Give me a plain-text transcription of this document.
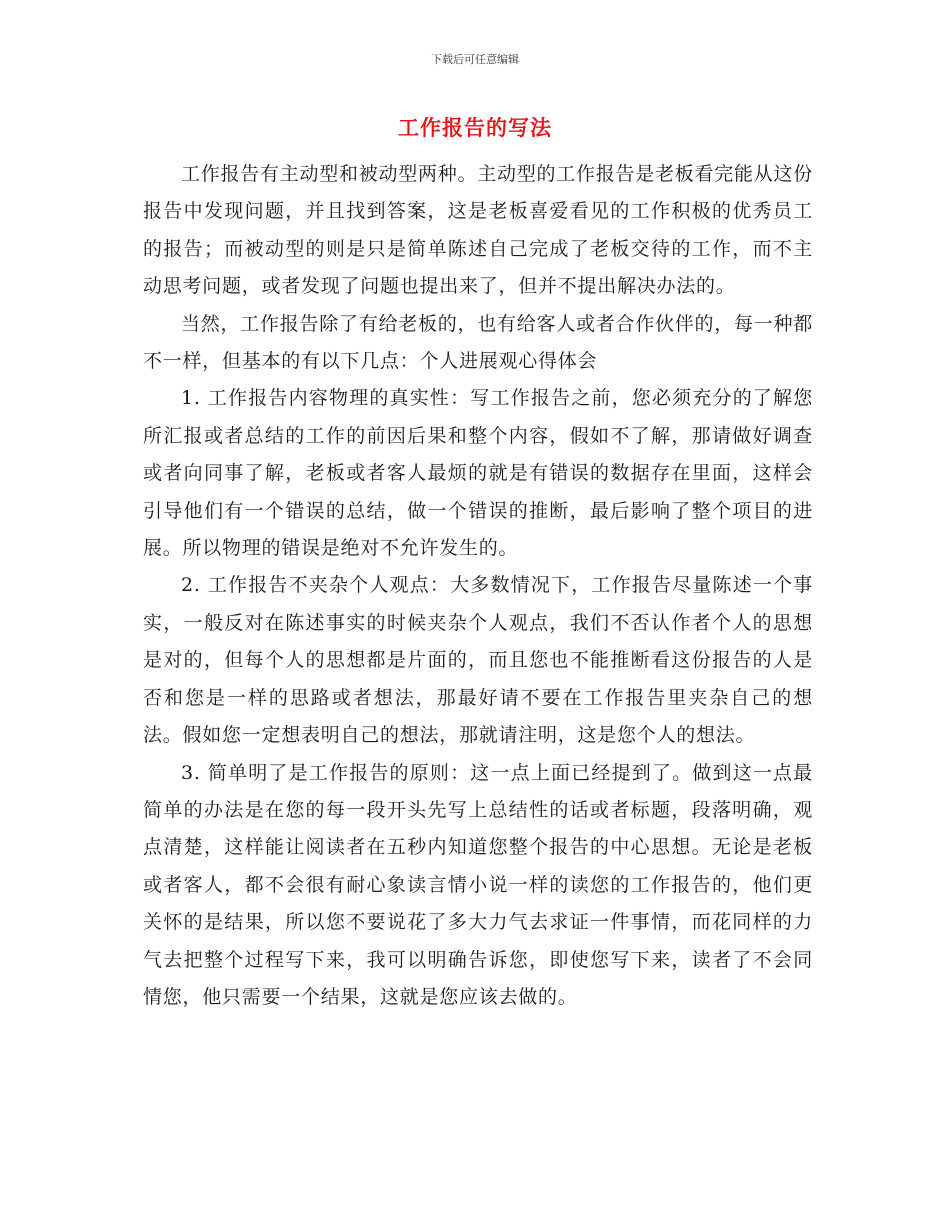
下载后可任意编辑
工作报告的写法

工作报告有主动型和被动型两种。主动型的工作报告是老板看完能从这份报告中发现问题，并且找到答案，这是老板喜爱看见的工作积极的优秀员工的报告；而被动型的则是只是简单陈述自己完成了老板交待的工作，而不主动思考问题，或者发现了问题也提出来了，但并不提出解决办法的。

当然，工作报告除了有给老板的，也有给客人或者合作伙伴的，每一种都不一样，但基本的有以下几点：个人进展观心得体会

1. 工作报告内容物理的真实性：写工作报告之前，您必须充分的了解您所汇报或者总结的工作的前因后果和整个内容，假如不了解，那请做好调查或者向同事了解，老板或者客人最烦的就是有错误的数据存在里面，这样会引导他们有一个错误的总结，做一个错误的推断，最后影响了整个项目的进展。所以物理的错误是绝对不允许发生的。

2. 工作报告不夹杂个人观点：大多数情况下，工作报告尽量陈述一个事实，一般反对在陈述事实的时候夹杂个人观点，我们不否认作者个人的思想是对的，但每个人的思想都是片面的，而且您也不能推断看这份报告的人是否和您是一样的思路或者想法，那最好请不要在工作报告里夹杂自己的想法。假如您一定想表明自己的想法，那就请注明，这是您个人的想法。

3. 简单明了是工作报告的原则：这一点上面已经提到了。做到这一点最简单的办法是在您的每一段开头先写上总结性的话或者标题，段落明确，观点清楚，这样能让阅读者在五秒内知道您整个报告的中心思想。无论是老板或者客人，都不会很有耐心象读言情小说一样的读您的工作报告的，他们更关怀的是结果，所以您不要说花了多大力气去求证一件事情，而花同样的力气去把整个过程写下来，我可以明确告诉您，即使您写下来，读者了不会同情您，他只需要一个结果，这就是您应该去做的。
